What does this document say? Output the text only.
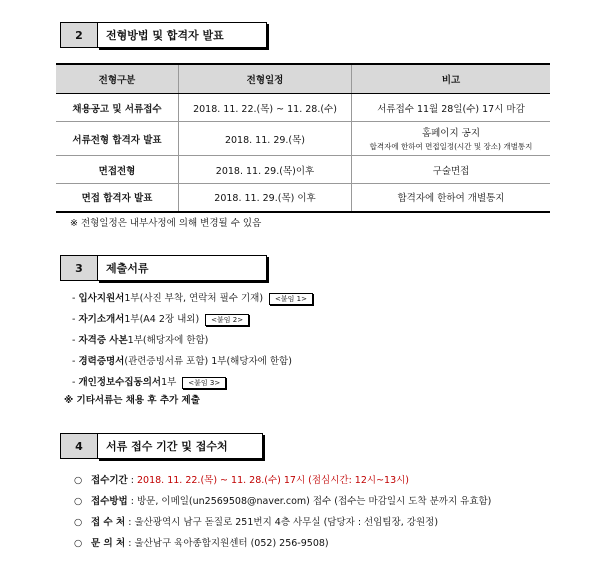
2	전형방법 및 합격자 발표
전형구분	전형일정	비고
채용공고 및 서류접수	2018. 11. 22.(목) ~ 11. 28.(수)	서류접수 11월 28일(수) 17시 마감
서류전형 합격자 발표	2018. 11. 29.(목)	홈페이지 공지
합격자에 한하여 면접일정(시간 및 장소) 개별통지

면접전형	2018. 11. 29.(목)이후	구술면접
면접 합격자 발표	2018. 11. 29.(목) 이후	합격자에 한하여 개별통지
※ 전형일정은 내부사정에 의해 변경될 수 있음
3	제출서류
-
입사지원서 1부(사진 부착, 연락처 필수 기재)	<붙임 1>
-
자기소개서 1부(A4 2장 내외)	<붙임 2>
-
자격증 사본 1부(해당자에 한함)
-
경력증명서 (관련증빙서류 포함) 1부(해당자에 한함)
-
개인정보수집동의서 1부	<붙임 3>
※ 기타서류는 채용 후 추가 제출
4	서류 접수 기간 및 접수처
○ 접수기간 : 2018. 11. 22.(목) ~ 11. 28.(수) 17시 (점심시간: 12시~13시)
○ 접수방법 : 방문, 이메일(un2569508@naver.com) 접수 (접수는 마감일시 도착 분까지 유효함)
○ 접 수 처 : 울산광역시 남구 돋질로 251번지 4층 사무실 (담당자 : 선임팀장, 강원정)
○ 문 의 처 : 울산남구 육아종합지원센터 (052) 256-9508)
